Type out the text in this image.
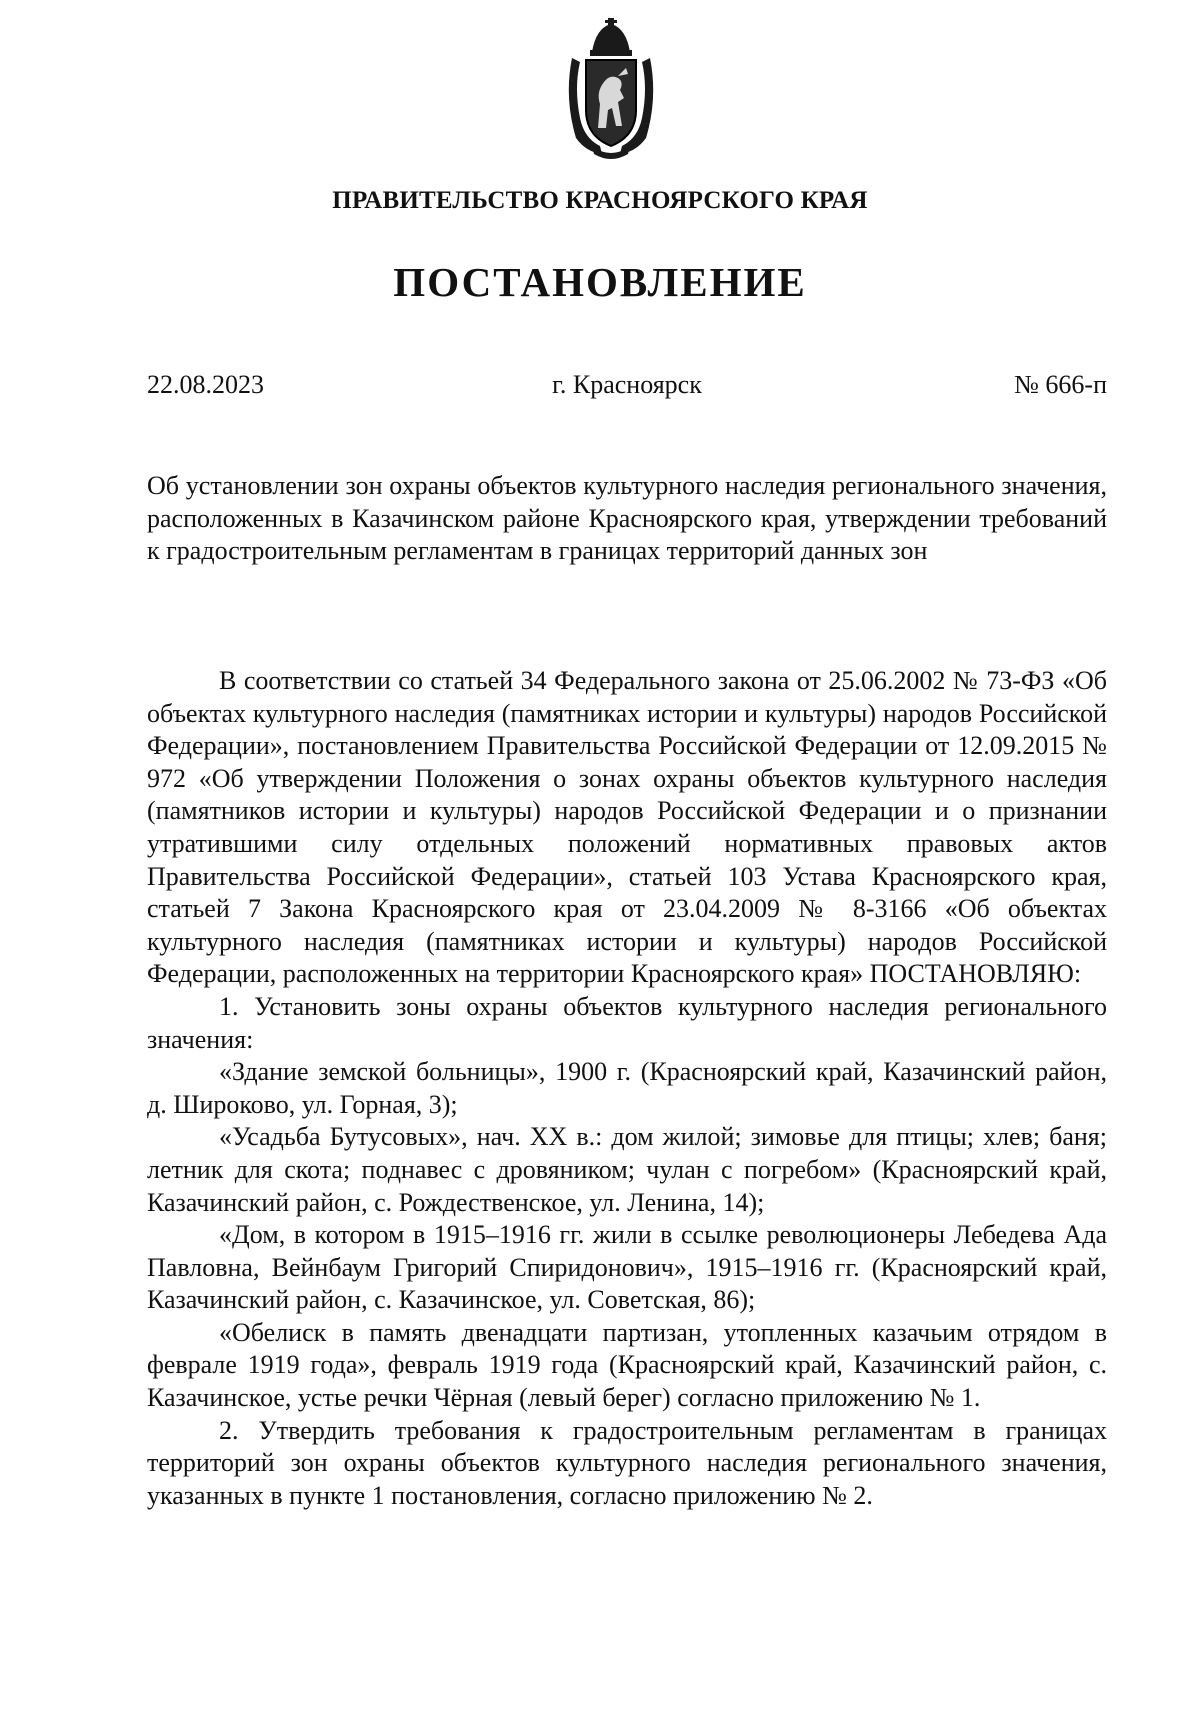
ПРАВИТЕЛЬСТВО КРАСНОЯРСКОГО КРАЯ
ПОСТАНОВЛЕНИЕ
22.08.2023	г. Красноярск	№ 666-п

Об установлении зон охраны объектов культурного наследия регионального значения, расположенных в Казачинском районе Красноярского края, утверждении требований к градостроительным регламентам в границах территорий данных зон

В соответствии со статьей 34 Федерального закона от 25.06.2002 № 73-ФЗ «Об объектах культурного наследия (памятниках истории и культуры) народов Российской Федерации», постановлением Правительства Российской Федерации от 12.09.2015 № 972 «Об утверждении Положения о зонах охраны объектов культурного наследия (памятников истории и культуры) народов Российской Федерации и о признании утратившими силу отдельных положений нормативных правовых актов Правительства Российской Федерации», статьей 103 Устава Красноярского края, статьей 7 Закона Красноярского края от 23.04.2009 № 8-3166 «Об объектах культурного наследия (памятниках истории и культуры) народов Российской Федерации, расположенных на территории Красноярского края» ПОСТАНОВЛЯЮ:

1. Установить зоны охраны объектов культурного наследия регионального значения:

«Здание земской больницы», 1900 г. (Красноярский край, Казачинский район, д. Широково, ул. Горная, 3);

«Усадьба Бутусовых», нач. XX в.: дом жилой; зимовье для птицы; хлев; баня; летник для скота; поднавес с дровяником; чулан с погребом» (Красноярский край, Казачинский район, с. Рождественское, ул. Ленина, 14);

«Дом, в котором в 1915–1916 гг. жили в ссылке революционеры Лебедева Ада Павловна, Вейнбаум Григорий Спиридонович», 1915–1916 гг. (Красноярский край, Казачинский район, с. Казачинское, ул. Советская, 86);

«Обелиск в память двенадцати партизан, утопленных казачьим отрядом в феврале 1919 года», февраль 1919 года (Красноярский край, Казачинский район, с. Казачинское, устье речки Чёрная (левый берег) согласно приложению № 1.

2. Утвердить требования к градостроительным регламентам в границах территорий зон охраны объектов культурного наследия регионального значения, указанных в пункте 1 постановления, согласно приложению № 2.
